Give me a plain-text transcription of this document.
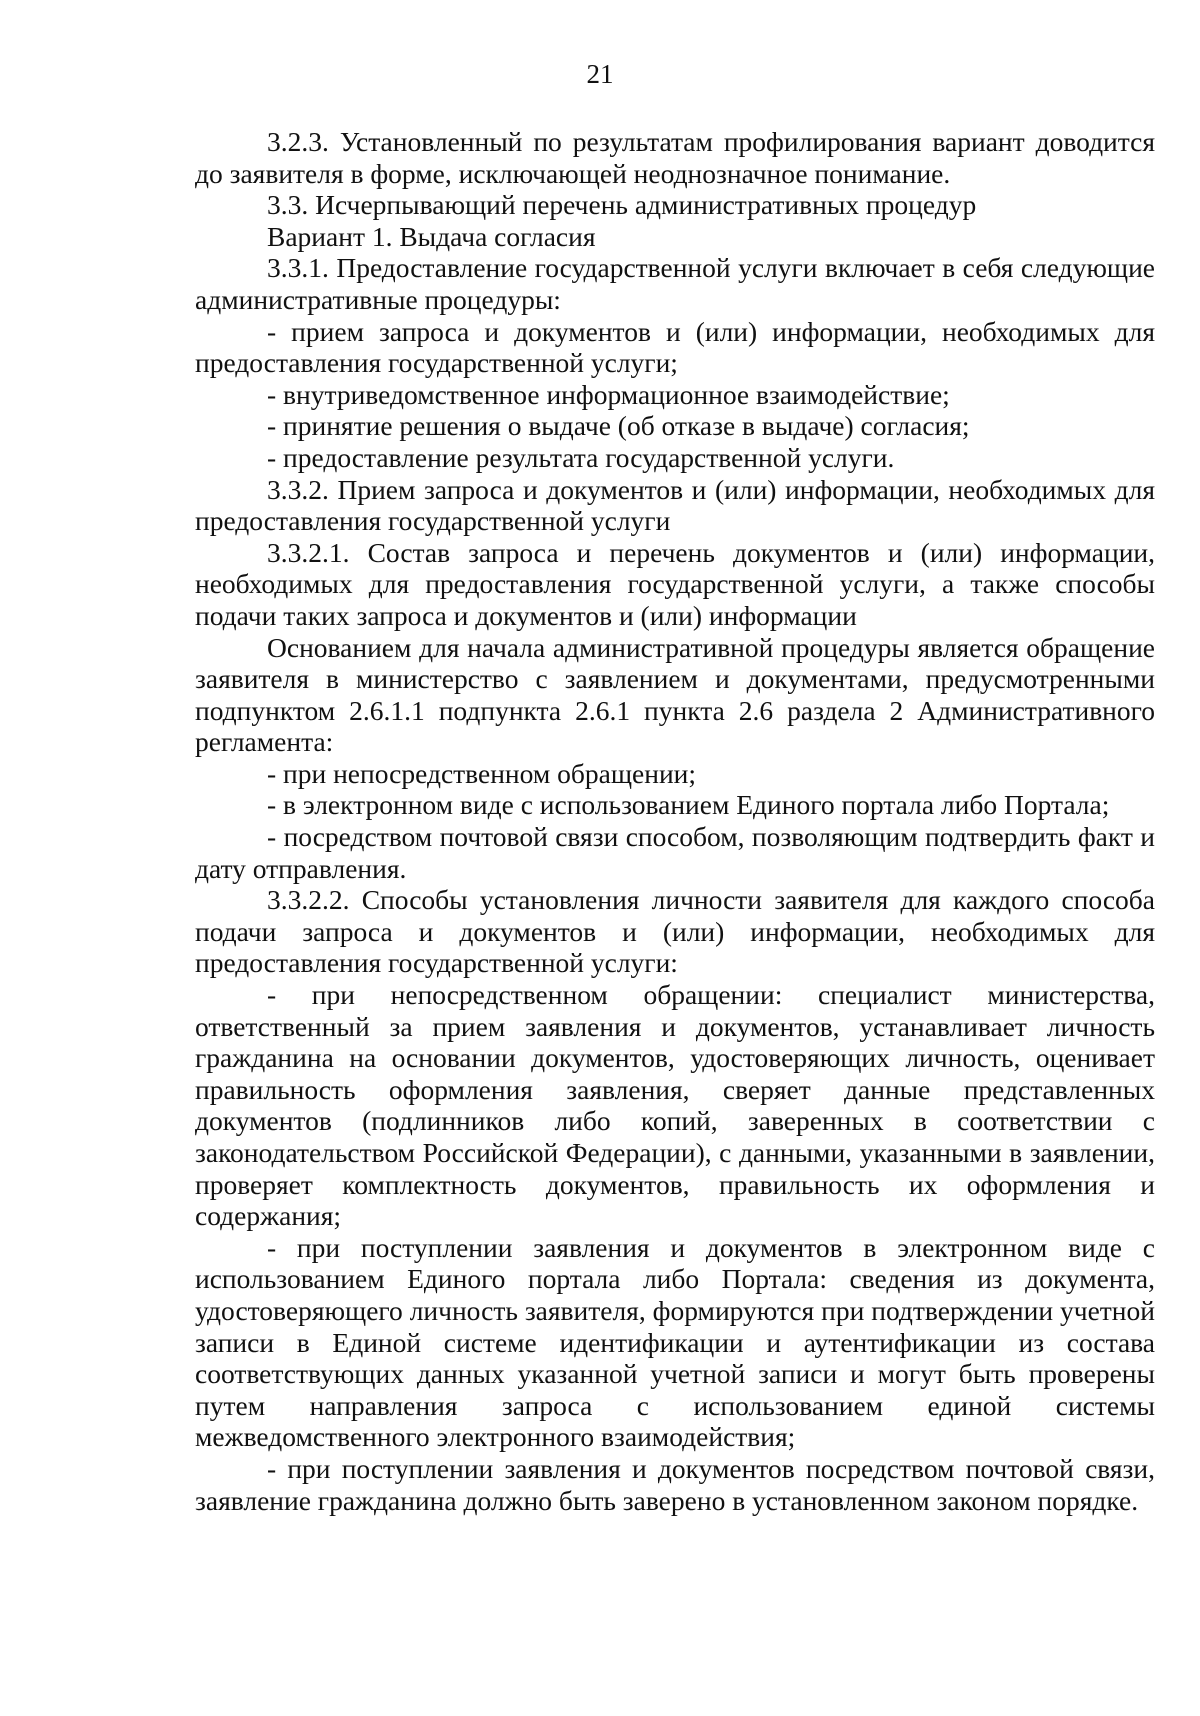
21

3.2.3. Установленный по результатам профилирования вариант доводится до заявителя в форме, исключающей неоднозначное понимание.

3.3. Исчерпывающий перечень административных процедур

Вариант 1. Выдача согласия

3.3.1. Предоставление государственной услуги включает в себя следующие административные процедуры:

- прием запроса и документов и (или) информации, необходимых для предоставления государственной услуги;

- внутриведомственное информационное взаимодействие;

- принятие решения о выдаче (об отказе в выдаче) согласия;

- предоставление результата государственной услуги.

3.3.2. Прием запроса и документов и (или) информации, необходимых для предоставления государственной услуги

3.3.2.1. Состав запроса и перечень документов и (или) информации, необходимых для предоставления государственной услуги, а также способы подачи таких запроса и документов и (или) информации

Основанием для начала административной процедуры является обращение заявителя в министерство с заявлением и документами, предусмотренными подпунктом 2.6.1.1 подпункта 2.6.1 пункта 2.6 раздела 2 Административного регламента:

- при непосредственном обращении;

- в электронном виде с использованием Единого портала либо Портала;

- посредством почтовой связи способом, позволяющим подтвердить факт и дату отправления.

3.3.2.2. Способы установления личности заявителя для каждого способа подачи запроса и документов и (или) информации, необходимых для предоставления государственной услуги:

- при непосредственном обращении: специалист министерства, ответственный за прием заявления и документов, устанавливает личность гражданина на основании документов, удостоверяющих личность, оценивает правильность оформления заявления, сверяет данные представленных документов (подлинников либо копий, заверенных в соответствии с законодательством Российской Федерации), с данными, указанными в заявлении, проверяет комплектность документов, правильность их оформления и содержания;

- при поступлении заявления и документов в электронном виде с использованием Единого портала либо Портала: сведения из документа, удостоверяющего личность заявителя, формируются при подтверждении учетной записи в Единой системе идентификации и аутентификации из состава соответствующих данных указанной учетной записи и могут быть проверены путем направления запроса с использованием единой системы межведомственного электронного взаимодействия;

- при поступлении заявления и документов посредством почтовой связи, заявление гражданина должно быть заверено в установленном законом порядке.
